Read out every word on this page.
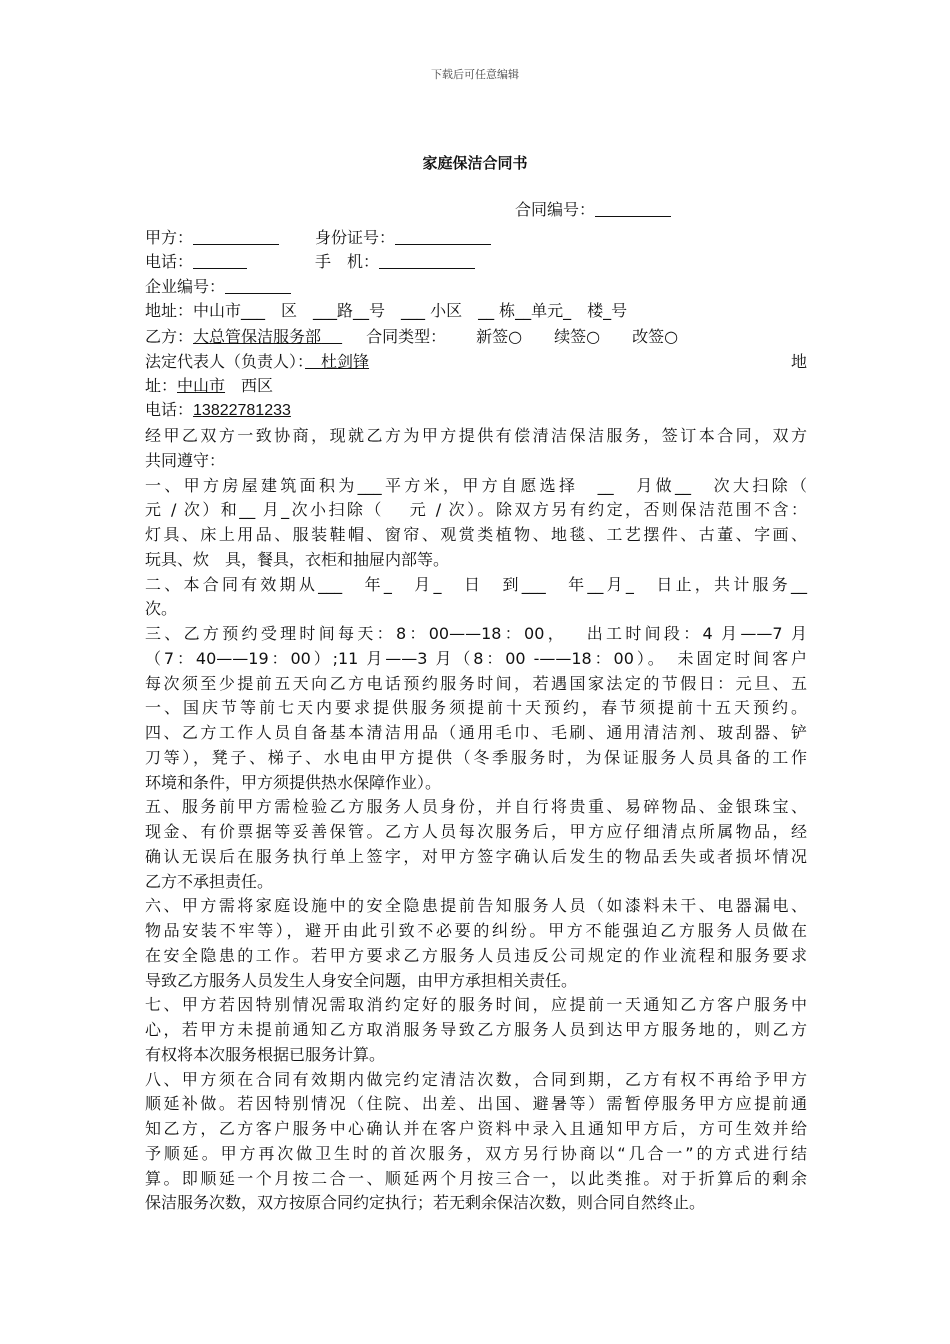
下载后可任意编辑
家庭保洁合同书
合同编号：
甲方：	身份证号：
电话：	手　机：
企业编号：
地址：中山市___　区　___路__号　___ 小区　__ 栋__单元_　楼_号
乙方：大总管保洁服务部　	合同类型： 新签○ 续签○ 改签○
法定代表人（负责人）：　 杜剑锋	地
址：中山市　 西区
电话：13822781233
经甲乙双方一致协商，现就乙方为甲方提供有偿清洁保洁服务，签订本合同，双方
共同遵守：
一、甲方房屋建筑面积为___平方米，甲方自愿选择　__　月做__　次大扫除（
元 / 次）和__ 月_次小扫除（　 元 / 次）。除双方另有约定，否则保洁范围不含：
灯具、床上用品、服装鞋帽、窗帘、观赏类植物、地毯、工艺摆件、古董、字画、
玩具、炊　具，餐具，衣柜和抽屉内部等。
二、本合同有效期从___　年_　月_　日　到___　年__月_　日止，共计服务__
次。
三、乙方预约受理时间每天：8：00——18：00，　 出工时间段：4 月——7 月
（7：40——19：00）;11 月——3 月（8：00 -——18：00）。　未固定时间客户
每次须至少提前五天向乙方电话预约服务时间，若遇国家法定的节假日：元旦、五
一、国庆节等前七天内要求提供服务须提前十天预约，春节须提前十五天预约。
四、乙方工作人员自备基本清洁用品（通用毛巾、毛刷、通用清洁剂、玻刮器、铲
刀等），凳子、梯子、水电由甲方提供（冬季服务时，为保证服务人员具备的工作
环境和条件，甲方须提供热水保障作业）。
五、服务前甲方需检验乙方服务人员身份，并自行将贵重、易碎物品、金银珠宝、
现金、有价票据等妥善保管。乙方人员每次服务后，甲方应仔细清点所属物品，经
确认无误后在服务执行单上签字，对甲方签字确认后发生的物品丢失或者损坏情况
乙方不承担责任。
六、甲方需将家庭设施中的安全隐患提前告知服务人员（如漆料未干、电器漏电、
物品安装不牢等），避开由此引致不必要的纠纷。甲方不能强迫乙方服务人员做在
在安全隐患的工作。若甲方要求乙方服务人员违反公司规定的作业流程和服务要求
导致乙方服务人员发生人身安全问题，由甲方承担相关责任。
七、甲方若因特别情况需取消约定好的服务时间，应提前一天通知乙方客户服务中
心，若甲方未提前通知乙方取消服务导致乙方服务人员到达甲方服务地的，则乙方
有权将本次服务根据已服务计算。
八、甲方须在合同有效期内做完约定清洁次数，合同到期，乙方有权不再给予甲方
顺延补做。若因特别情况（住院、出差、出国、避暑等）需暂停服务甲方应提前通
知乙方，乙方客户服务中心确认并在客户资料中录入且通知甲方后，方可生效并给
予顺延。甲方再次做卫生时的首次服务，双方另行协商以“几合一”的方式进行结
算。即顺延一个月按二合一、顺延两个月按三合一，以此类推。对于折算后的剩余
保洁服务次数，双方按原合同约定执行；若无剩余保洁次数，则合同自然终止。
